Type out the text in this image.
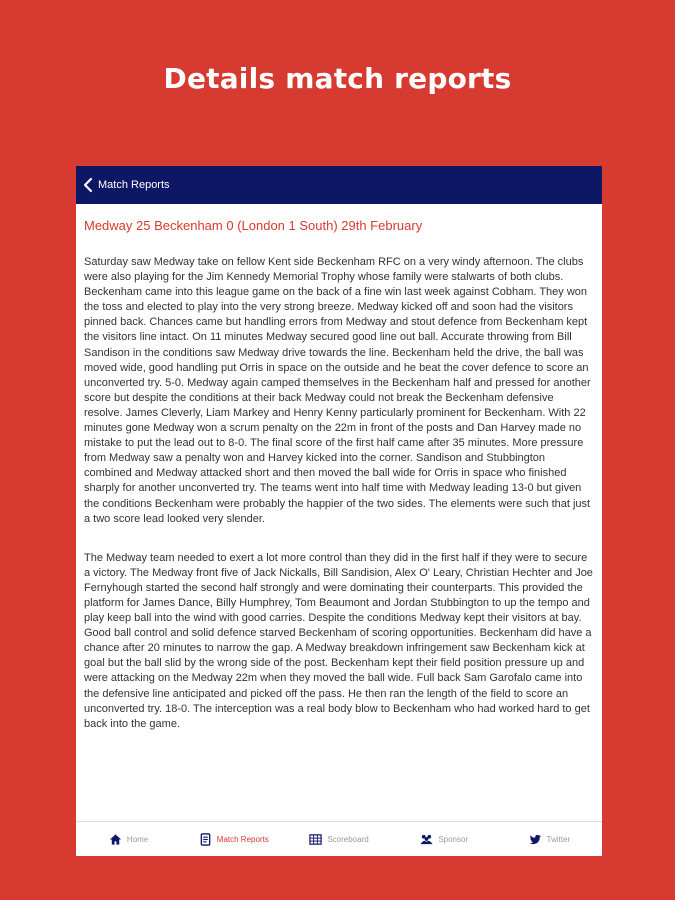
Details match reports
Match Reports
Medway 25 Beckenham 0 (London 1 South) 29th February

Saturday saw Medway take on fellow Kent side Beckenham RFC on a very windy afternoon. The clubs were also playing for the Jim Kennedy Memorial Trophy whose family were stalwarts of both clubs. Beckenham came into this league game on the back of a fine win last week against Cobham. They won the toss and elected to play into the very strong breeze. Medway kicked off and soon had the visitors pinned back. Chances came but handling errors from Medway and stout defence from Beckenham kept the visitors line intact. On 11 minutes Medway secured good line out ball. Accurate throwing from Bill Sandison in the conditions saw Medway drive towards the line. Beckenham held the drive, the ball was moved wide, good handling put Orris in space on the outside and he beat the cover defence to score an unconverted try. 5-0. Medway again camped themselves in the Beckenham half and pressed for another score but despite the conditions at their back Medway could not break the Beckenham defensive resolve. James Cleverly, Liam Markey and Henry Kenny particularly prominent for Beckenham. With 22 minutes gone Medway won a scrum penalty on the 22m in front of the posts and Dan Harvey made no mistake to put the lead out to 8-0. The final score of the first half came after 35 minutes. More pressure from Medway saw a penalty won and Harvey kicked into the corner. Sandison and Stubbington combined and Medway attacked short and then moved the ball wide for Orris in space who finished sharply for another unconverted try. The teams went into half time with Medway leading 13-0 but given the conditions Beckenham were probably the happier of the two sides. The elements were such that just a two score lead looked very slender.

The Medway team needed to exert a lot more control than they did in the first half if they were to secure a victory. The Medway front five of Jack Nickalls, Bill Sandision, Alex O' Leary, Christian Hechter and Joe Fernyhough started the second half strongly and were dominating their counterparts. This provided the platform for James Dance, Billy Humphrey, Tom Beaumont and Jordan Stubbington to up the tempo and play keep ball into the wind with good carries. Despite the conditions Medway kept their visitors at bay. Good ball control and solid defence starved Beckenham of scoring opportunities. Beckenham did have a chance after 20 minutes to narrow the gap. A Medway breakdown infringement saw Beckenham kick at goal but the ball slid by the wrong side of the post. Beckenham kept their field position pressure up and were attacking on the Medway 22m when they moved the ball wide. Full back Sam Garofalo came into the defensive line anticipated and picked off the pass. He then ran the length of the field to score an unconverted try. 18-0. The interception was a real body blow to Beckenham who had worked hard to get back into the game.

Home	Match Reports	Scoreboard	Sponsor	Twitter
